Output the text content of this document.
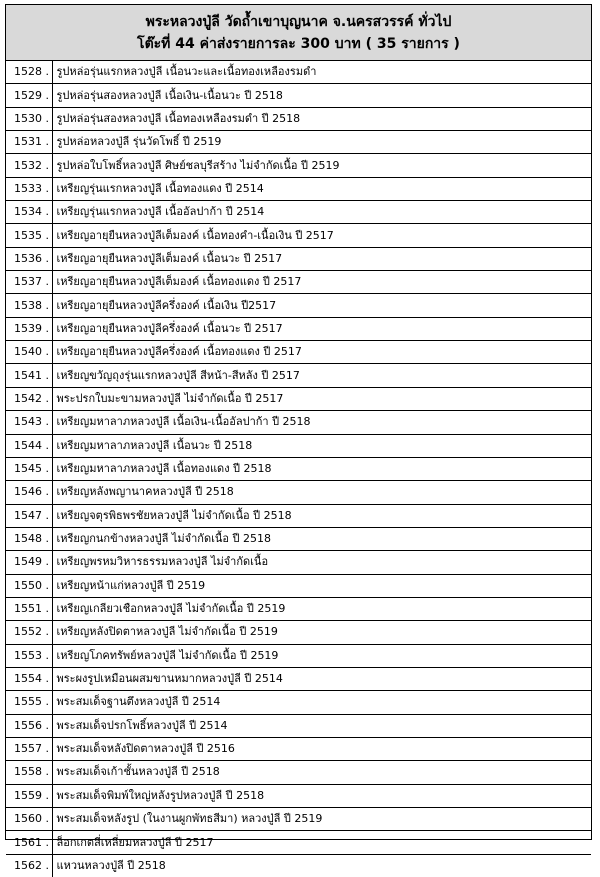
พระหลวงปู่ลี วัดถ้ำเขาบุญนาค จ.นครสวรรค์ ทั่วไป
โต๊ะที่ 44 ค่าส่งรายการละ 300 บาท ( 35 รายการ )
1528 .	รูปหล่อรุ่นแรกหลวงปู่ลี เนื้อนวะและเนื้อทองเหลืองรมดำ
1529 .	รูปหล่อรุ่นสองหลวงปู่ลี เนื้อเงิน-เนื้อนวะ ปี 2518
1530 .	รูปหล่อรุ่นสองหลวงปู่ลี เนื้อทองเหลืองรมดำ ปี 2518
1531 .	รูปหล่อหลวงปู่ลี รุ่นวัดโพธิ์ ปี 2519
1532 .	รูปหล่อใบโพธิ์หลวงปู่ลี ศิษย์ชลบุรีสร้าง ไม่จำกัดเนื้อ ปี 2519
1533 .	เหรียญรุ่นแรกหลวงปู่ลี เนื้อทองแดง ปี 2514
1534 .	เหรียญรุ่นแรกหลวงปู่ลี เนื้ออัลปาก้า ปี 2514
1535 .	เหรียญอายุยืนหลวงปู่ลีเต็มองค์ เนื้อทองคำ-เนื้อเงิน ปี 2517
1536 .	เหรียญอายุยืนหลวงปู่ลีเต็มองค์ เนื้อนวะ ปี 2517
1537 .	เหรียญอายุยืนหลวงปู่ลีเต็มองค์ เนื้อทองแดง ปี 2517
1538 .	เหรียญอายุยืนหลวงปู่ลีครึ่งองค์ เนื้อเงิน ปี2517
1539 .	เหรียญอายุยืนหลวงปู่ลีครึ่งองค์ เนื้อนวะ ปี 2517
1540 .	เหรียญอายุยืนหลวงปู่ลีครึ่งองค์ เนื้อทองแดง ปี 2517
1541 .	เหรียญขวัญถุงรุ่นแรกหลวงปู่ลี สีหน้า-สีหลัง ปี 2517
1542 .	พระปรกใบมะขามหลวงปู่ลี ไม่จำกัดเนื้อ ปี 2517
1543 .	เหรียญมหาลาภหลวงปู่ลี เนื้อเงิน-เนื้ออัลปาก้า ปี 2518
1544 .	เหรียญมหาลาภหลวงปู่ลี เนื้อนวะ ปี 2518
1545 .	เหรียญมหาลาภหลวงปู่ลี เนื้อทองแดง ปี 2518
1546 .	เหรียญหลังพญานาคหลวงปู่ลี ปี 2518
1547 .	เหรียญจตุรพิธพรชัยหลวงปู่ลี ไม่จำกัดเนื้อ ปี 2518
1548 .	เหรียญกนกข้างหลวงปู่ลี ไม่จำกัดเนื้อ ปี 2518
1549 .	เหรียญพรหมวิหารธรรมหลวงปู่ลี ไม่จำกัดเนื้อ
1550 .	เหรียญหน้าแก่หลวงปู่ลี ปี 2519
1551 .	เหรียญเกลียวเชือกหลวงปู่ลี ไม่จำกัดเนื้อ ปี 2519
1552 .	เหรียญหลังปิดตาหลวงปู่ลี ไม่จำกัดเนื้อ ปี 2519
1553 .	เหรียญโภคทรัพย์หลวงปู่ลี ไม่จำกัดเนื้อ ปี 2519
1554 .	พระผงรูปเหมือนผสมขานหมากหลวงปู่ลี ปี 2514
1555 .	พระสมเด็จฐานตึงหลวงปู่ลี ปี 2514
1556 .	พระสมเด็จปรกโพธิ์หลวงปู่ลี ปี 2514
1557 .	พระสมเด็จหลังปิดตาหลวงปู่ลี ปี 2516
1558 .	พระสมเด็จเก้าชั้นหลวงปู่ลี ปี 2518
1559 .	พระสมเด็จพิมพ์ใหญ่หลังรูปหลวงปู่ลี ปี 2518
1560 .	พระสมเด็จหลังรูป (ในงานผูกพัทธสีมา) หลวงปู่ลี ปี 2519
1561 .	ล็อกเกตสี่เหลี่ยมหลวงปู่ลี ปี 2517
1562 .	แหวนหลวงปู่ลี ปี 2518
